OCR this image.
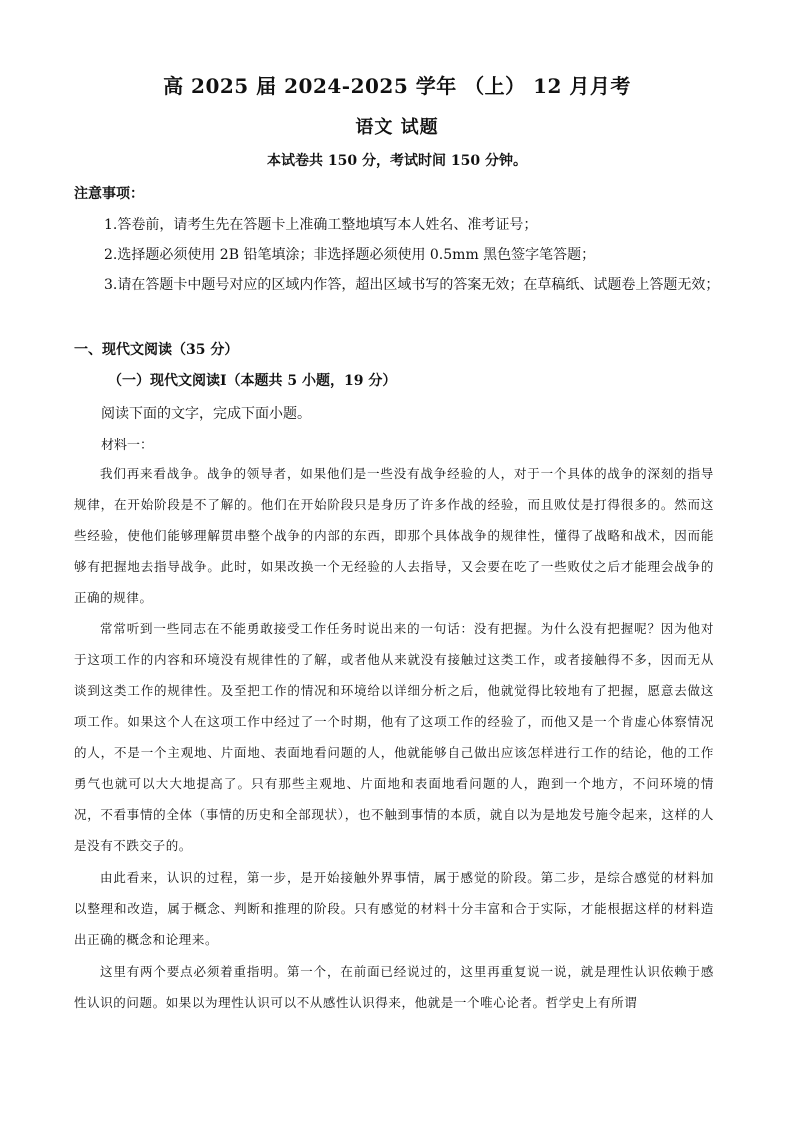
高 2025 届 2024-2025 学年 （上） 12 月月考
语文 试题
本试卷共 150 分，考试时间 150 分钟。
注意事项：
1.答卷前，请考生先在答题卡上准确工整地填写本人姓名、准考证号；
2.选择题必须使用 2B 铅笔填涂；非选择题必须使用 0.5mm 黑色签字笔答题；
3.请在答题卡中题号对应的区域内作答，超出区域书写的答案无效；在草稿纸、试题卷上答题无效；
一、现代文阅读（35 分）
（一）现代文阅读Ⅰ（本题共 5 小题，19 分）
阅读下面的文字，完成下面小题。
材料一：
我们再来看战争。战争的领导者，如果他们是一些没有战争经验的人，对于一个具体的战争的深刻的指导规律，在开始阶段是不了解的。他们在开始阶段只是身历了许多作战的经验，而且败仗是打得很多的。然而这些经验，使他们能够理解贯串整个战争的内部的东西，即那个具体战争的规律性，懂得了战略和战术，因而能够有把握地去指导战争。此时，如果改换一个无经验的人去指导，又会要在吃了一些败仗之后才能理会战争的正确的规律。
常常听到一些同志在不能勇敢接受工作任务时说出来的一句话：没有把握。为什么没有把握呢？因为他对于这项工作的内容和环境没有规律性的了解，或者他从来就没有接触过这类工作，或者接触得不多，因而无从谈到这类工作的规律性。及至把工作的情况和环境给以详细分析之后，他就觉得比较地有了把握，愿意去做这项工作。如果这个人在这项工作中经过了一个时期，他有了这项工作的经验了，而他又是一个肯虚心体察情况的人，不是一个主观地、片面地、表面地看问题的人，他就能够自己做出应该怎样进行工作的结论，他的工作勇气也就可以大大地提高了。只有那些主观地、片面地和表面地看问题的人，跑到一个地方，不问环境的情况，不看事情的全体（事情的历史和全部现状），也不触到事情的本质，就自以为是地发号施令起来，这样的人是没有不跌交子的。
由此看来，认识的过程，第一步，是开始接触外界事情，属于感觉的阶段。第二步，是综合感觉的材料加以整理和改造，属于概念、判断和推理的阶段。只有感觉的材料十分丰富和合于实际，才能根据这样的材料造出正确的概念和论理来。
这里有两个要点必须着重指明。第一个，在前面已经说过的，这里再重复说一说，就是理性认识依赖于感性认识的问题。如果以为理性认识可以不从感性认识得来，他就是一个唯心论者。哲学史上有所谓
